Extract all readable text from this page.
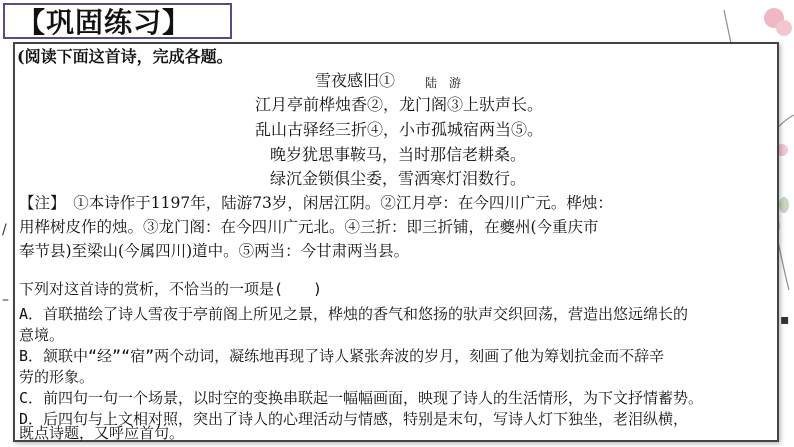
【巩固练习】
/
–
▪
(阅读下面这首诗，完成各题。
雪夜感旧① 陆　游
江月亭前桦烛香②，龙门阁③上驮声长。
乱山古驿经三折④，小市孤城宿两当⑤。
晚岁犹思事鞍马，当时那信老耕桑。
绿沉金锁俱尘委，雪洒寒灯泪数行。
【注】　①本诗作于1197年，陆游73岁，闲居江阴。②江月亭：在今四川广元。桦烛：
用桦树皮作的烛。③龙门阁：在今四川广元北。④三折：即三折铺，在夔州(今重庆市
奉节县)至梁山(今属四川)道中。⑤两当：今甘肃两当县。
下列对这首诗的赏析，不恰当的一项是(　　)
A．首联描绘了诗人雪夜于亭前阁上所见之景，桦烛的香气和悠扬的驮声交织回荡，营造出悠远绵长的
意境。
B．颔联中“经”“宿”两个动词，凝练地再现了诗人紧张奔波的岁月，刻画了他为筹划抗金而不辞辛
劳的形象。
C．前四句一句一个场景，以时空的变换串联起一幅幅画面，映现了诗人的生活情形，为下文抒情蓄势。
D．后四句与上文相对照，突出了诗人的心理活动与情感，特别是末句，写诗人灯下独坐，老泪纵横，
既点诗题，又呼应首句。
